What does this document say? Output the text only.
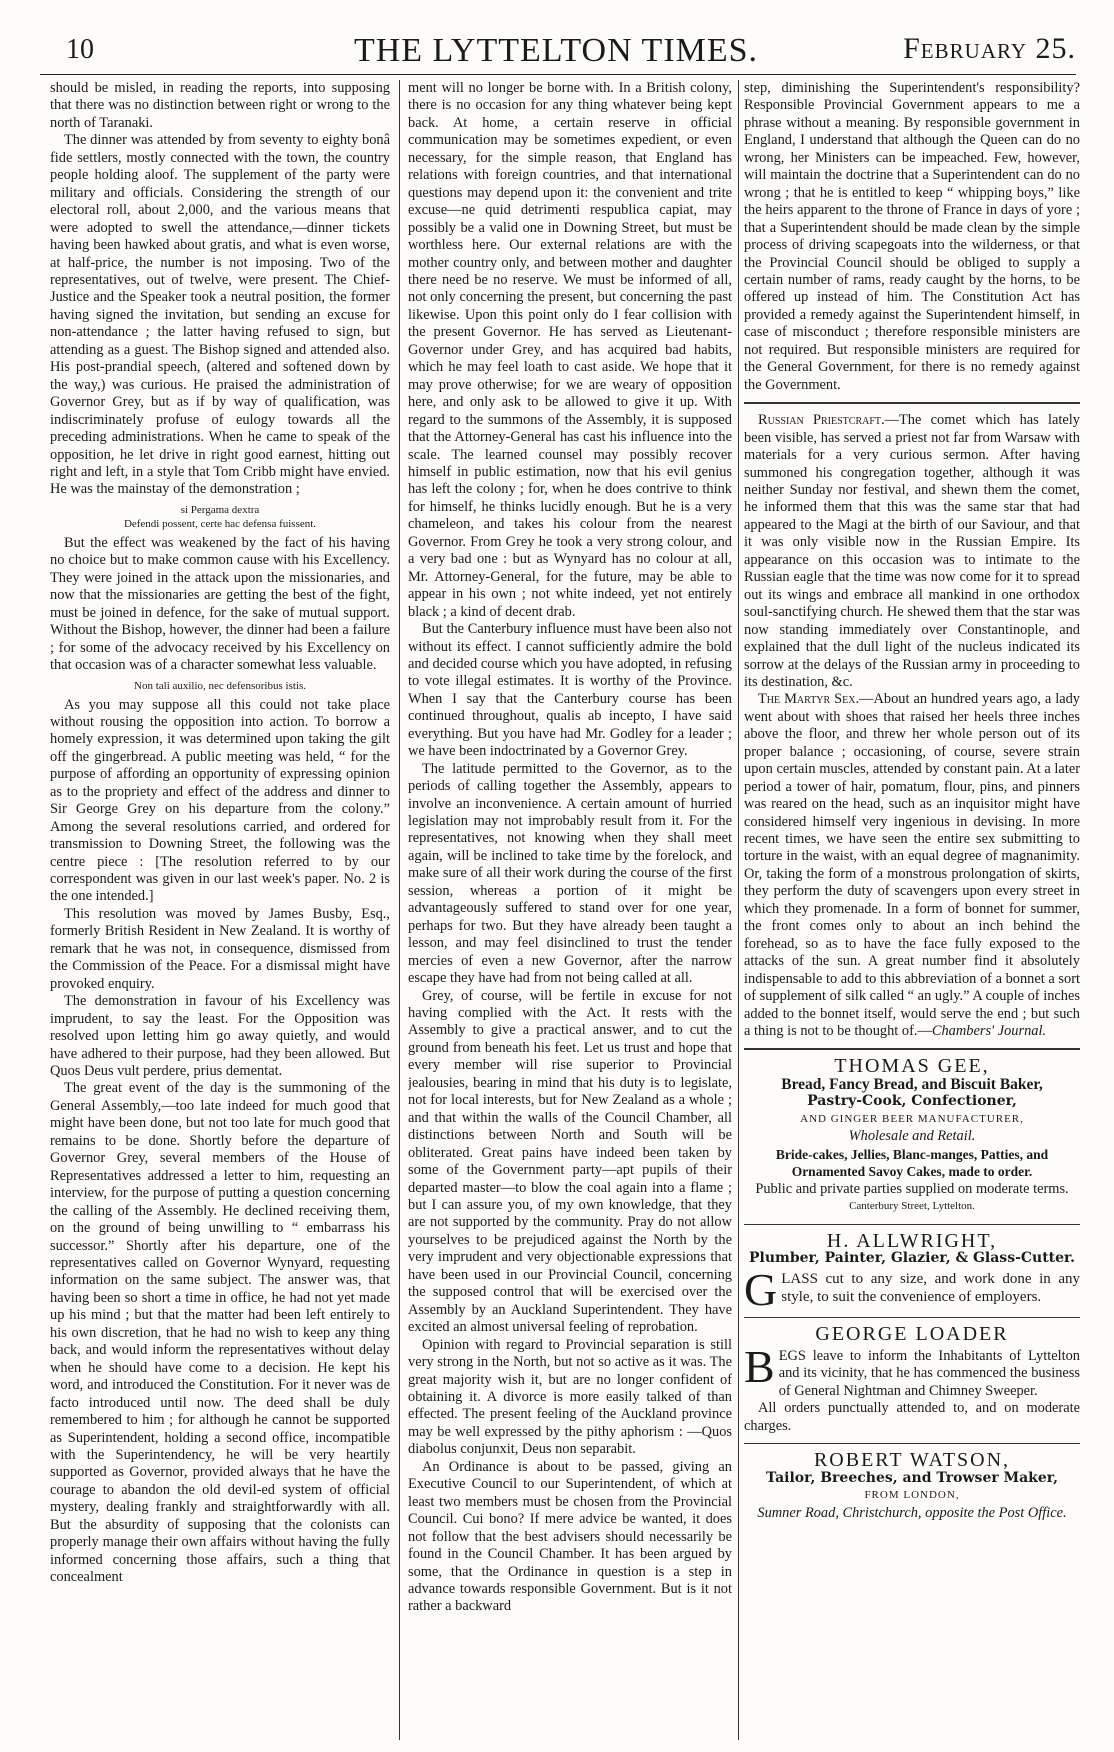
10	THE LYTTELTON TIMES.	February 25.

should be misled, in reading the reports, into supposing that there was no distinction between right or wrong to the north of Taranaki.

The dinner was attended by from seventy to eighty bonâ fide settlers, mostly connected with the town, the country people holding aloof. The supplement of the party were military and officials. Considering the strength of our electoral roll, about 2,000, and the various means that were adopted to swell the attendance,—dinner tickets having been hawked about gratis, and what is even worse, at half-price, the number is not imposing. Two of the representatives, out of twelve, were present. The Chief-Justice and the Speaker took a neutral position, the former having signed the invitation, but sending an excuse for non-attendance ; the latter having refused to sign, but attending as a guest. The Bishop signed and attended also. His post-prandial speech, (altered and softened down by the way,) was curious. He praised the administration of Governor Grey, but as if by way of qualification, was indiscriminately profuse of eulogy towards all the preceding administrations. When he came to speak of the opposition, he let drive in right good earnest, hitting out right and left, in a style that Tom Cribb might have envied. He was the mainstay of the demonstration ;

si Pergama dextra
Defendi possent, certe hac defensa fuissent.

But the effect was weakened by the fact of his having no choice but to make common cause with his Excellency. They were joined in the attack upon the missionaries, and now that the missionaries are getting the best of the fight, must be joined in defence, for the sake of mutual support. Without the Bishop, however, the dinner had been a failure ; for some of the advocacy received by his Excellency on that occasion was of a character somewhat less valuable.

Non tali auxilio, nec defensoribus istis.

As you may suppose all this could not take place without rousing the opposition into action. To borrow a homely expression, it was determined upon taking the gilt off the gingerbread. A public meeting was held, “ for the purpose of affording an opportunity of expressing opinion as to the propriety and effect of the address and dinner to Sir George Grey on his departure from the colony.” Among the several resolutions carried, and ordered for transmission to Downing Street, the following was the centre piece : [The resolution referred to by our correspondent was given in our last week's paper. No. 2 is the one intended.]

This resolution was moved by James Busby, Esq., formerly British Resident in New Zealand. It is worthy of remark that he was not, in consequence, dismissed from the Commission of the Peace. For a dismissal might have provoked enquiry.

The demonstration in favour of his Excellency was imprudent, to say the least. For the Opposition was resolved upon letting him go away quietly, and would have adhered to their purpose, had they been allowed. But Quos Deus vult perdere, prius dementat.

The great event of the day is the summoning of the General Assembly,—too late indeed for much good that might have been done, but not too late for much good that remains to be done. Shortly before the departure of Governor Grey, several members of the House of Representatives addressed a letter to him, requesting an interview, for the purpose of putting a question concerning the calling of the Assembly. He declined receiving them, on the ground of being unwilling to “ embarrass his successor.” Shortly after his departure, one of the representatives called on Governor Wynyard, requesting information on the same subject. The answer was, that having been so short a time in office, he had not yet made up his mind ; but that the matter had been left entirely to his own discretion, that he had no wish to keep any thing back, and would inform the representatives without delay when he should have come to a decision. He kept his word, and introduced the Constitution. For it never was de facto introduced until now. The deed shall be duly remembered to him ; for although he cannot be supported as Superintendent, holding a second office, incompatible with the Superintendency, he will be very heartily supported as Governor, provided always that he have the courage to abandon the old devil-ed system of official mystery, dealing frankly and straightforwardly with all. But the absurdity of supposing that the colonists can properly manage their own affairs without having the fully informed concerning those affairs, such a thing that concealment

ment will no longer be borne with. In a British colony, there is no occasion for any thing whatever being kept back. At home, a certain reserve in official communication may be sometimes expedient, or even necessary, for the simple reason, that England has relations with foreign countries, and that international questions may depend upon it: the convenient and trite excuse—ne quid detrimenti respublica capiat, may possibly be a valid one in Downing Street, but must be worthless here. Our external relations are with the mother country only, and between mother and daughter there need be no reserve. We must be informed of all, not only concerning the present, but concerning the past likewise. Upon this point only do I fear collision with the present Governor. He has served as Lieutenant-Governor under Grey, and has acquired bad habits, which he may feel loath to cast aside. We hope that it may prove otherwise; for we are weary of opposition here, and only ask to be allowed to give it up. With regard to the summons of the Assembly, it is supposed that the Attorney-General has cast his influence into the scale. The learned counsel may possibly recover himself in public estimation, now that his evil genius has left the colony ; for, when he does contrive to think for himself, he thinks lucidly enough. But he is a very chameleon, and takes his colour from the nearest Governor. From Grey he took a very strong colour, and a very bad one : but as Wynyard has no colour at all, Mr. Attorney-General, for the future, may be able to appear in his own ; not white indeed, yet not entirely black ; a kind of decent drab.

But the Canterbury influence must have been also not without its effect. I cannot sufficiently admire the bold and decided course which you have adopted, in refusing to vote illegal estimates. It is worthy of the Province. When I say that the Canterbury course has been continued throughout, qualis ab incepto, I have said everything. But you have had Mr. Godley for a leader ; we have been indoctrinated by a Governor Grey.

The latitude permitted to the Governor, as to the periods of calling together the Assembly, appears to involve an inconvenience. A certain amount of hurried legislation may not improbably result from it. For the representatives, not knowing when they shall meet again, will be inclined to take time by the forelock, and make sure of all their work during the course of the first session, whereas a portion of it might be advantageously suffered to stand over for one year, perhaps for two. But they have already been taught a lesson, and may feel disinclined to trust the tender mercies of even a new Governor, after the narrow escape they have had from not being called at all.

Grey, of course, will be fertile in excuse for not having complied with the Act. It rests with the Assembly to give a practical answer, and to cut the ground from beneath his feet. Let us trust and hope that every member will rise superior to Provincial jealousies, bearing in mind that his duty is to legislate, not for local interests, but for New Zealand as a whole ; and that within the walls of the Council Chamber, all distinctions between North and South will be obliterated. Great pains have indeed been taken by some of the Government party—apt pupils of their departed master—to blow the coal again into a flame ; but I can assure you, of my own knowledge, that they are not supported by the community. Pray do not allow yourselves to be prejudiced against the North by the very imprudent and very objectionable expressions that have been used in our Provincial Council, concerning the supposed control that will be exercised over the Assembly by an Auckland Superintendent. They have excited an almost universal feeling of reprobation.

Opinion with regard to Provincial separation is still very strong in the North, but not so active as it was. The great majority wish it, but are no longer confident of obtaining it. A divorce is more easily talked of than effected. The present feeling of the Auckland province may be well expressed by the pithy aphorism : —Quos diabolus conjunxit, Deus non separabit.

An Ordinance is about to be passed, giving an Executive Council to our Superintendent, of which at least two members must be chosen from the Provincial Council. Cui bono? If mere advice be wanted, it does not follow that the best advisers should necessarily be found in the Council Chamber. It has been argued by some, that the Ordinance in question is a step in advance towards responsible Government. But is it not rather a backward

step, diminishing the Superintendent's responsibility? Responsible Provincial Government appears to me a phrase without a meaning. By responsible government in England, I understand that although the Queen can do no wrong, her Ministers can be impeached. Few, however, will maintain the doctrine that a Superintendent can do no wrong ; that he is entitled to keep “ whipping boys,” like the heirs apparent to the throne of France in days of yore ; that a Superintendent should be made clean by the simple process of driving scapegoats into the wilderness, or that the Provincial Council should be obliged to supply a certain number of rams, ready caught by the horns, to be offered up instead of him. The Constitution Act has provided a remedy against the Superintendent himself, in case of misconduct ; therefore responsible ministers are not required. But responsible ministers are required for the General Government, for there is no remedy against the Government.

Russian Priestcraft.—The comet which has lately been visible, has served a priest not far from Warsaw with materials for a very curious sermon. After having summoned his congregation together, although it was neither Sunday nor festival, and shewn them the comet, he informed them that this was the same star that had appeared to the Magi at the birth of our Saviour, and that it was only visible now in the Russian Empire. Its appearance on this occasion was to intimate to the Russian eagle that the time was now come for it to spread out its wings and embrace all mankind in one orthodox soul-sanctifying church. He shewed them that the star was now standing immediately over Constantinople, and explained that the dull light of the nucleus indicated its sorrow at the delays of the Russian army in proceeding to its destination, &c.

The Martyr Sex.—About an hundred years ago, a lady went about with shoes that raised her heels three inches above the floor, and threw her whole person out of its proper balance ; occasioning, of course, severe strain upon certain muscles, attended by constant pain. At a later period a tower of hair, pomatum, flour, pins, and pinners was reared on the head, such as an inquisitor might have considered himself very ingenious in devising. In more recent times, we have seen the entire sex submitting to torture in the waist, with an equal degree of magnanimity. Or, taking the form of a monstrous prolongation of skirts, they perform the duty of scavengers upon every street in which they promenade. In a form of bonnet for summer, the front comes only to about an inch behind the forehead, so as to have the face fully exposed to the attacks of the sun. A great number find it absolutely indispensable to add to this abbreviation of a bonnet a sort of supplement of silk called “ an ugly.” A couple of inches added to the bonnet itself, would serve the end ; but such a thing is not to be thought of.—Chambers' Journal.

THOMAS GEE,
Bread, Fancy Bread, and Biscuit Baker,
Pastry-Cook, Confectioner,
AND GINGER BEER MANUFACTURER,
Wholesale and Retail.
Bride-cakes, Jellies, Blanc-manges, Patties, and Ornamented Savoy Cakes, made to order.
Public and private parties supplied on moderate terms.
Canterbury Street, Lyttelton.
H. ALLWRIGHT,
Plumber, Painter, Glazier, & Glass-Cutter.
GLASS cut to any size, and work done in any style, to suit the convenience of employers.
GEORGE LOADER
BEGS leave to inform the Inhabitants of Lyttelton and its vicinity, that he has commenced the business of General Nightman and Chimney Sweeper.
All orders punctually attended to, and on moderate charges.
ROBERT WATSON,
Tailor, Breeches, and Trowser Maker,
FROM LONDON,
Sumner Road, Christchurch, opposite the Post Office.
